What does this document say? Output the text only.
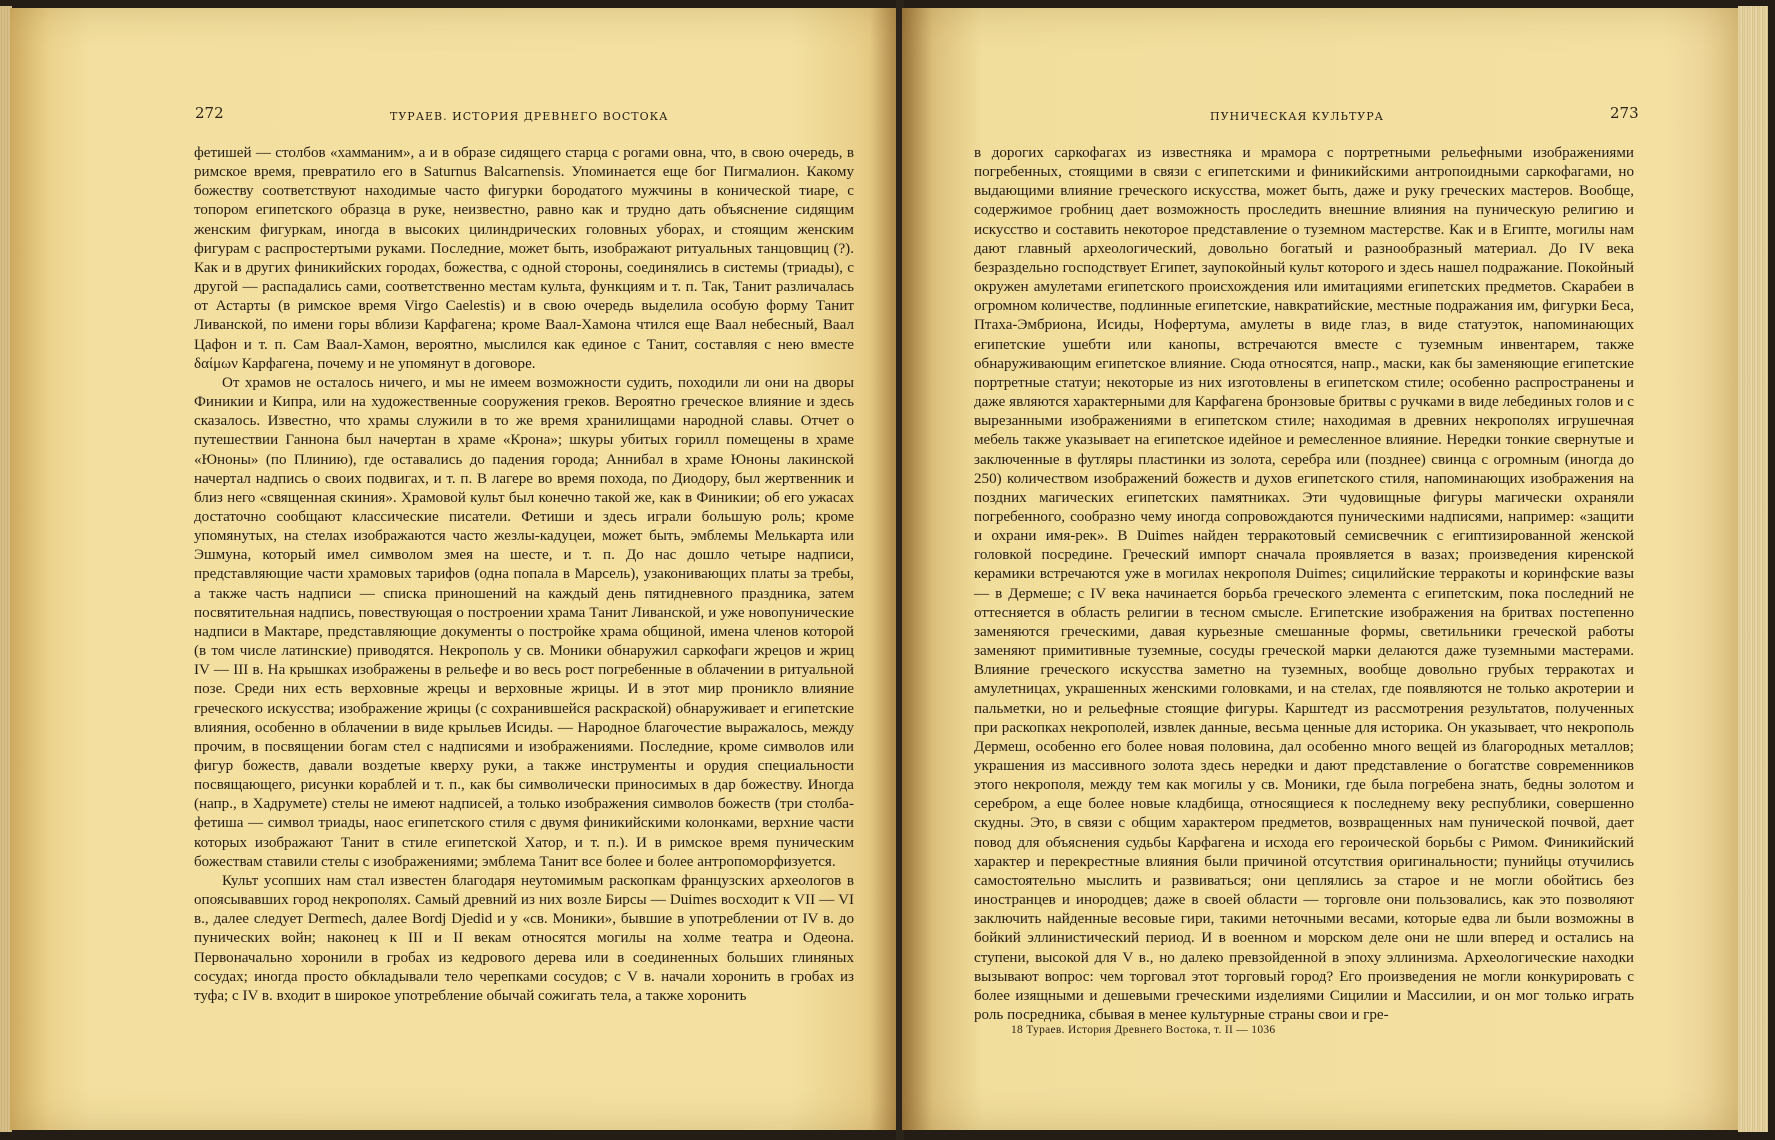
272	ТУРАЕВ. ИСТОРИЯ ДРЕВНЕГО ВОСТОКА

фетишей — столбов «хамманим», а и в образе сидящего старца с рогами овна, что, в свою очередь, в римское время, превратило его в Saturnus Balcarnensis. Упоминается еще бог Пигмалион. Какому божеству соответствуют находимые часто фигурки бородатого мужчины в конической тиаре, с топором египетского образца в руке, неизвестно, равно как и трудно дать объяснение сидящим женским фигуркам, иногда в высоких цилиндрических головных уборах, и стоящим женским фигурам с распростертыми руками. Последние, может быть, изображают ритуальных танцовщиц (?). Как и в других финикийских городах, божества, с одной стороны, соединялись в системы (триады), с другой — распадались сами, соответственно местам культа, функциям и т. п. Так, Танит различалась от Астарты (в римское время Virgo Caelestis) и в свою очередь выделила особую форму Танит Ливанской, по имени горы вблизи Карфагена; кроме Ваал-Хамона чтился еще Ваал небесный, Ваал Цафон и т. п. Сам Ваал-Хамон, вероятно, мыслился как единое с Танит, составляя с нею вместе δαίμων Карфагена, почему и не упомянут в договоре.

От храмов не осталось ничего, и мы не имеем возможности судить, походили ли они на дворы Финикии и Кипра, или на художественные сооружения греков. Вероятно греческое влияние и здесь сказалось. Известно, что храмы служили в то же время хранилищами народной славы. Отчет о путешествии Ганнона был начертан в храме «Крона»; шкуры убитых горилл помещены в храме «Юноны» (по Плинию), где оставались до падения города; Аннибал в храме Юноны лакинской начертал надпись о своих подвигах, и т. п. В лагере во время похода, по Диодору, был жертвенник и близ него «священная скиния». Храмовой культ был конечно такой же, как в Финикии; об его ужасах достаточно сообщают классические писатели. Фетиши и здесь играли большую роль; кроме упомянутых, на стелах изображаются часто жезлы-кадуцеи, может быть, эмблемы Мелькарта или Эшмуна, который имел символом змея на шесте, и т. п. До нас дошло четыре надписи, представляющие части храмовых тарифов (одна попала в Марсель), узаконивающих платы за требы, а также часть надписи — списка приношений на каждый день пятидневного праздника, затем посвятительная надпись, повествующая о построении храма Танит Ливанской, и уже новопунические надписи в Мактаре, представляющие документы о постройке храма общиной, имена членов которой (в том числе латинские) приводятся. Некрополь у св. Моники обнаружил саркофаги жрецов и жриц IV — III в. На крышках изображены в рельефе и во весь рост погребенные в облачении в ритуальной позе. Среди них есть верховные жрецы и верховные жрицы. И в этот мир проникло влияние греческого искусства; изображение жрицы (с сохранившейся раскраской) обнаруживает и египетские влияния, особенно в облачении в виде крыльев Исиды. — Народное благочестие выражалось, между прочим, в посвящении богам стел с надписями и изображениями. Последние, кроме символов или фигур божеств, давали воздетые кверху руки, а также инструменты и орудия специальности посвящающего, рисунки кораблей и т. п., как бы символически приносимых в дар божеству. Иногда (напр., в Хадрумете) стелы не имеют надписей, а только изображения символов божеств (три столба-фетиша — символ триады, наос египетского стиля с двумя финикийскими колонками, верхние части которых изображают Танит в стиле египетской Хатор, и т. п.). И в римское время пуническим божествам ставили стелы с изображениями; эмблема Танит все более и более антропоморфизуется.

Культ усопших нам стал известен благодаря неутомимым раскопкам французских археологов в опоясывавших город некрополях. Самый древний из них возле Бирсы — Duimes восходит к VII — VI в., далее следует Dermech, далее Bordj Djedid и у «св. Моники», бывшие в употреблении от IV в. до пунических войн; наконец к III и II векам относятся могилы на холме театра и Одеона. Первоначально хоронили в гробах из кедрового дерева или в соединенных больших глиняных сосудах; иногда просто обкладывали тело черепками сосудов; с V в. начали хоронить в гробах из туфа; с IV в. входит в широкое употребление обычай сожигать тела, а также хоронить

ПУНИЧЕСКАЯ КУЛЬТУРА	273

в дорогих саркофагах из известняка и мрамора с портретными рельефными изображениями погребенных, стоящими в связи с египетскими и финикийскими антропоидными саркофагами, но выдающими влияние греческого искусства, может быть, даже и руку греческих мастеров. Вообще, содержимое гробниц дает возможность проследить внешние влияния на пуническую религию и искусство и составить некоторое представление о туземном мастерстве. Как и в Египте, могилы нам дают главный археологический, довольно богатый и разнообразный материал. До IV века безраздельно господствует Египет, заупокойный культ которого и здесь нашел подражание. Покойный окружен амулетами египетского происхождения или имитациями египетских предметов. Скарабеи в огромном количестве, подлинные египетские, навкратийские, местные подражания им, фигурки Беса, Птаха-Эмбриона, Исиды, Нофертума, амулеты в виде глаз, в виде статуэток, напоминающих египетские ушебти или канопы, встречаются вместе с туземным инвентарем, также обнаруживающим египетское влияние. Сюда относятся, напр., маски, как бы заменяющие египетские портретные статуи; некоторые из них изготовлены в египетском стиле; особенно распространены и даже являются характерными для Карфагена бронзовые бритвы с ручками в виде лебединых голов и с вырезанными изображениями в египетском стиле; находимая в древних некрополях игрушечная мебель также указывает на египетское идейное и ремесленное влияние. Нередки тонкие свернутые и заключенные в футляры пластинки из золота, серебра или (позднее) свинца с огромным (иногда до 250) количеством изображений божеств и духов египетского стиля, напоминающих изображения на поздних магических египетских памятниках. Эти чудовищные фигуры магически охраняли погребенного, сообразно чему иногда сопровождаются пуническими надписями, например: «защити и охрани имя-рек». В Duimes найден терракотовый семисвечник с египтизированной женской головкой посредине. Греческий импорт сначала проявляется в вазах; произведения киренской керамики встречаются уже в могилах некрополя Duimes; сицилийские терракоты и коринфские вазы — в Дермеше; с IV века начинается борьба греческого элемента с египетским, пока последний не оттесняется в область религии в тесном смысле. Египетские изображения на бритвах постепенно заменяются греческими, давая курьезные смешанные формы, светильники греческой работы заменяют примитивные туземные, сосуды греческой марки делаются даже туземными мастерами. Влияние греческого искусства заметно на туземных, вообще довольно грубых терракотах и амулетницах, украшенных женскими головками, и на стелах, где появляются не только акротерии и пальметки, но и рельефные стоящие фигуры. Карштедт из рассмотрения результатов, полученных при раскопках некрополей, извлек данные, весьма ценные для историка. Он указывает, что некрополь Дермеш, особенно его более новая половина, дал особенно много вещей из благородных металлов; украшения из массивного золота здесь нередки и дают представление о богатстве современников этого некрополя, между тем как могилы у св. Моники, где была погребена знать, бедны золотом и серебром, а еще более новые кладбища, относящиеся к последнему веку республики, совершенно скудны. Это, в связи с общим характером предметов, возвращенных нам пунической почвой, дает повод для объяснения судьбы Карфагена и исхода его героической борьбы с Римом. Финикийский характер и перекрестные влияния были причиной отсутствия оригинальности; пунийцы отучились самостоятельно мыслить и развиваться; они цеплялись за старое и не могли обойтись без иностранцев и инородцев; даже в своей области — торговле они пользовались, как это позволяют заключить найденные весовые гири, такими неточными весами, которые едва ли были возможны в бойкий эллинистический период. И в военном и морском деле они не шли вперед и остались на ступени, высокой для V в., но далеко превзойденной в эпоху эллинизма. Археологические находки вызывают вопрос: чем торговал этот торговый город? Его произведения не могли конкурировать с более изящными и дешевыми греческими изделиями Сицилии и Массилии, и он мог только играть роль посредника, сбывая в менее культурные страны свои и гре-

18 Тураев. История Древнего Востока, т. II — 1036
